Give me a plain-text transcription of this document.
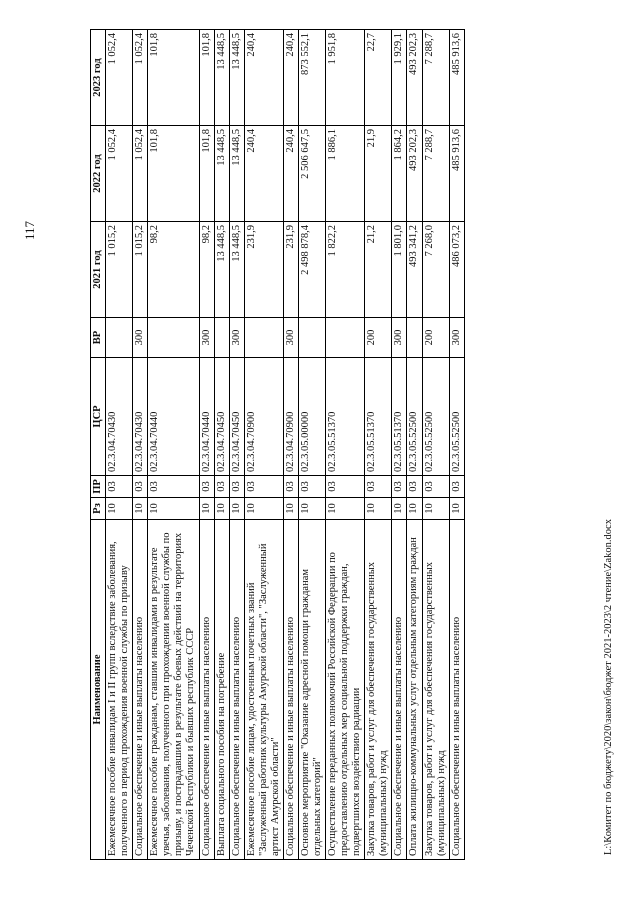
117
Наименование	Рз	ПР	ЦСР	ВР	2021 год	2022 год	2023 год
Ежемесячное пособие инвалидам I и II групп вследствие заболевания, полученного в период прохождения военной службы по призыву	10	03	02.3.04.70430		1 015,2	1 052,4	1 052,4
Социальное обеспечение и иные выплаты населению	10	03	02.3.04.70430	300	1 015,2	1 052,4	1 052,4
Ежемесячное пособие гражданам, ставшим инвалидами в результате увечья, заболевания, полученного при прохождении военной службы по призыву, и пострадавшим в результате боевых действий на территориях Чеченской Республики и бывших республик СССР	10	03	02.3.04.70440		98,2	101,8	101,8
Социальное обеспечение и иные выплаты населению	10	03	02.3.04.70440	300	98,2	101,8	101,8
Выплата социального пособия на погребение	10	03	02.3.04.70450		13 448,5	13 448,5	13 448,5
Социальное обеспечение и иные выплаты населению	10	03	02.3.04.70450	300	13 448,5	13 448,5	13 448,5
Ежемесячное пособие лицам, удостоенным почетных званий "Заслуженный работник культуры Амурской области", "Заслуженный артист Амурской области"	10	03	02.3.04.70900		231,9	240,4	240,4
Социальное обеспечение и иные выплаты населению	10	03	02.3.04.70900	300	231,9	240,4	240,4
Основное мероприятие "Оказание адресной помощи гражданам отдельных категорий"	10	03	02.3.05.00000		2 498 878,4	2 506 647,5	873 552,1
Осуществление переданных полномочий Российской Федерации по предоставлению отдельных мер социальной поддержки граждан, подвергшихся воздействию радиации	10	03	02.3.05.51370		1 822,2	1 886,1	1 951,8
Закупка товаров, работ и услуг для обеспечения государственных (муниципальных) нужд	10	03	02.3.05.51370	200	21,2	21,9	22,7
Социальное обеспечение и иные выплаты населению	10	03	02.3.05.51370	300	1 801,0	1 864,2	1 929,1
Оплата жилищно-коммунальных услуг отдельным категориям граждан	10	03	02.3.05.52500		493 341,2	493 202,3	493 202,3
Закупка товаров, работ и услуг для обеспечения государственных (муниципальных) нужд	10	03	02.3.05.52500	200	7 268,0	7 288,7	7 288,7
Социальное обеспечение и иные выплаты населению	10	03	02.3.05.52500	300	486 073,2	485 913,6	485 913,6
L:\Комитет по бюджету\2020\закон\бюджет 2021-2023\2 чтение\Zakon.docx
